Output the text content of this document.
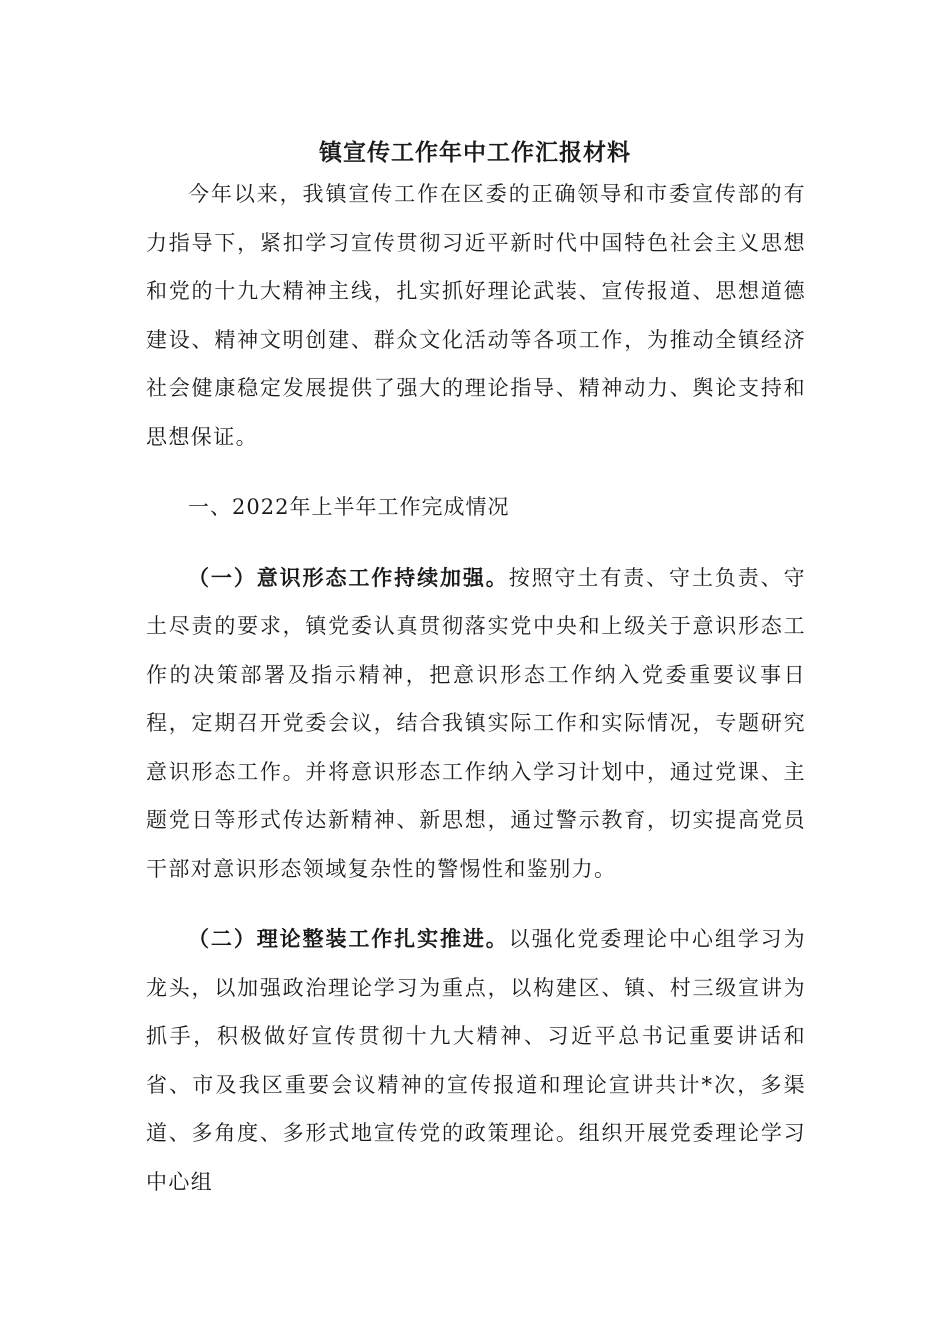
镇宣传工作年中工作汇报材料

今年以来，我镇宣传工作在区委的正确领导和市委宣传部的有力指导下，紧扣学习宣传贯彻习近平新时代中国特色社会主义思想和党的十九大精神主线，扎实抓好理论武装、宣传报道、思想道德建设、精神文明创建、群众文化活动等各项工作，为推动全镇经济社会健康稳定发展提供了强大的理论指导、精神动力、舆论支持和思想保证。

一、2022年上半年工作完成情况

（一）意识形态工作持续加强。按照守土有责、守土负责、守土尽责的要求，镇党委认真贯彻落实党中央和上级关于意识形态工作的决策部署及指示精神，把意识形态工作纳入党委重要议事日程，定期召开党委会议，结合我镇实际工作和实际情况，专题研究意识形态工作。并将意识形态工作纳入学习计划中，通过党课、主题党日等形式传达新精神、新思想，通过警示教育，切实提高党员干部对意识形态领域复杂性的警惕性和鉴别力。

（二）理论整装工作扎实推进。以强化党委理论中心组学习为龙头，以加强政治理论学习为重点，以构建区、镇、村三级宣讲为抓手，积极做好宣传贯彻十九大精神、习近平总书记重要讲话和省、市及我区重要会议精神的宣传报道和理论宣讲共计*次，多渠道、多角度、多形式地宣传党的政策理论。组织开展党委理论学习中心组
